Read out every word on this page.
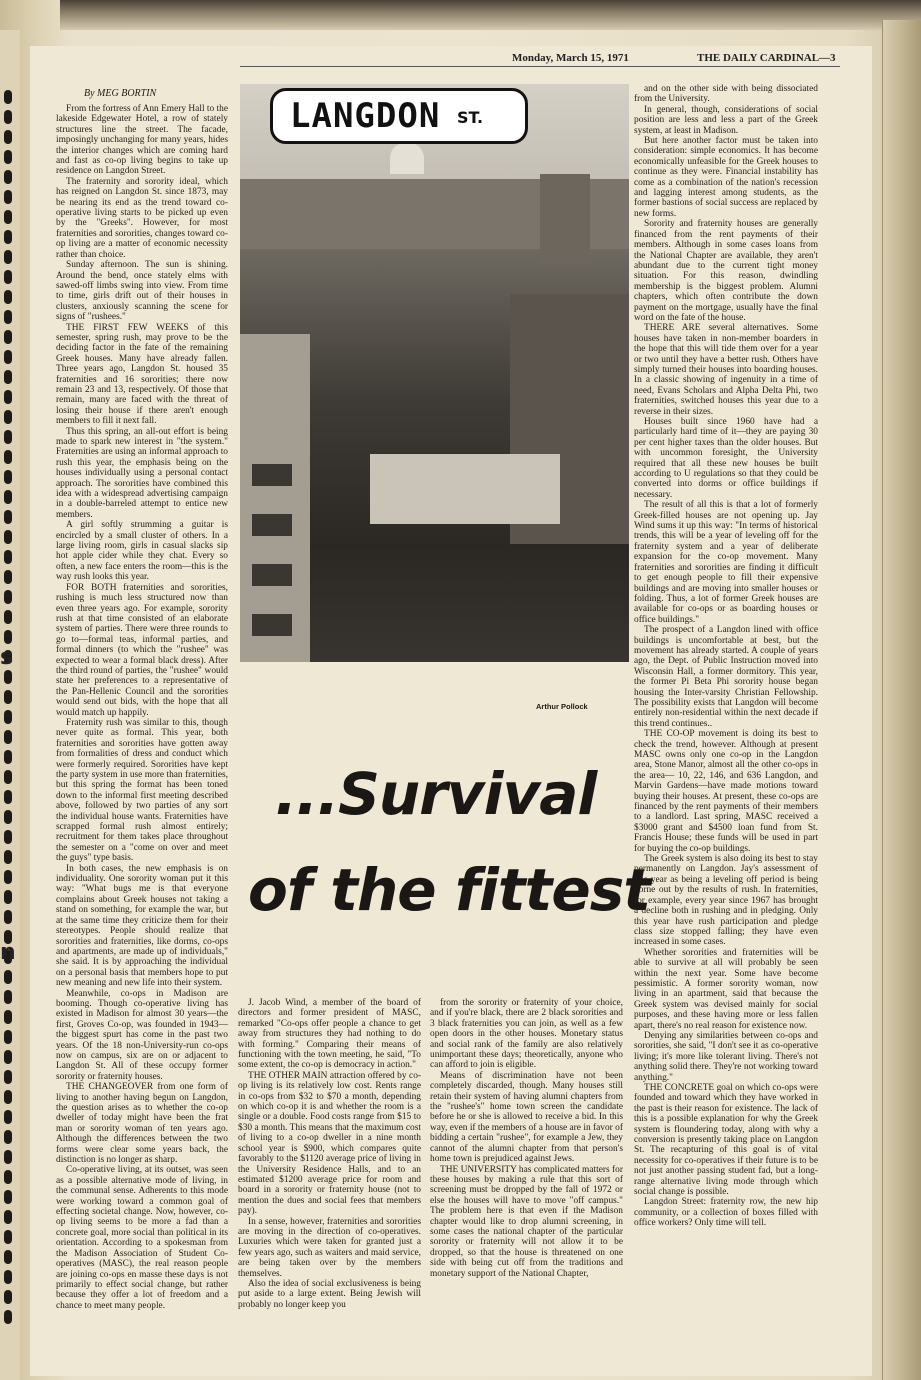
s
n
Monday, March 15, 1971	THE DAILY CARDINAL—3
By MEG BORTIN
LANGDON ST.
Arthur Pollock
...Survival
of the fittest

From the fortress of Ann Emery Hall to the lakeside Edgewater Hotel, a row of stately structures line the street. The facade, imposingly unchanging for many years, hides the interior changes which are coming hard and fast as co-op living begins to take up residence on Langdon Street.

The fraternity and sorority ideal, which has reigned on Langdon St. since 1873, may be nearing its end as the trend toward co-operative living starts to be picked up even by the "Greeks". However, for most fraternities and sororities, changes toward co-op living are a matter of economic necessity rather than choice.

Sunday afternoon. The sun is shining. Around the bend, once stately elms with sawed-off limbs swing into view. From time to time, girls drift out of their houses in clusters, anxiously scanning the scene for signs of "rushees."

THE FIRST FEW WEEKS of this semester, spring rush, may prove to be the deciding factor in the fate of the remaining Greek houses. Many have already fallen. Three years ago, Langdon St. housed 35 fraternities and 16 sororities; there now remain 23 and 13, respectively. Of those that remain, many are faced with the threat of losing their house if there aren't enough members to fill it next fall.

Thus this spring, an all-out effort is being made to spark new interest in "the system." Fraternities are using an informal approach to rush this year, the emphasis being on the houses individually using a personal contact approach. The sororities have combined this idea with a widespread advertising campaign in a double-barreled attempt to entice new members.

A girl softly strumming a guitar is encircled by a small cluster of others. In a large living room, girls in casual slacks sip hot apple cider while they chat. Every so often, a new face enters the room—this is the way rush looks this year.

FOR BOTH fraternities and sororities, rushing is much less structured now than even three years ago. For example, sorority rush at that time consisted of an elaborate system of parties. There were three rounds to go to—formal teas, informal parties, and formal dinners (to which the "rushee" was expected to wear a formal black dress). After the third round of parties, the "rushee" would state her preferences to a representative of the Pan-Hellenic Council and the sororities would send out bids, with the hope that all would match up happily.

Fraternity rush was similar to this, though never quite as formal. This year, both fraternities and sororities have gotten away from formalities of dress and conduct which were formerly required. Sororities have kept the party system in use more than fraternities, but this spring the format has been toned down to the informal first meeting described above, followed by two parties of any sort the individual house wants. Fraternities have scrapped formal rush almost entirely; recruitment for them takes place throughout the semester on a "come on over and meet the guys" type basis.

In both cases, the new emphasis is on individuality. One sorority woman put it this way: "What bugs me is that everyone complains about Greek houses not taking a stand on something, for example the war, but at the same time they criticize them for their stereotypes. People should realize that sororities and fraternities, like dorms, co-ops and apartments, are made up of individuals," she said. It is by approaching the individual on a personal basis that members hope to put new meaning and new life into their system.

Meanwhile, co-ops in Madison are booming. Though co-operative living has existed in Madison for almost 30 years—the first, Groves Co-op, was founded in 1943—the biggest spurt has come in the past two years. Of the 18 non-University-run co-ops now on campus, six are on or adjacent to Langdon St. All of these occupy former sorority or fraternity houses.

THE CHANGEOVER from one form of living to another having begun on Langdon, the question arises as to whether the co-op dweller of today might have been the frat man or sorority woman of ten years ago. Although the differences between the two forms were clear some years back, the distinction is no longer as sharp.

Co-operative living, at its outset, was seen as a possible alternative mode of living, in the communal sense. Adherents to this mode were working toward a common goal of effecting societal change. Now, however, co-op living seems to be more a fad than a concrete goal, more social than political in its orientation. According to a spokesman from the Madison Association of Student Co-operatives (MASC), the real reason people are joining co-ops en masse these days is not primarily to effect social change, but rather because they offer a lot of freedom and a chance to meet many people.

J. Jacob Wind, a member of the board of directors and former president of MASC, remarked "Co-ops offer people a chance to get away from structures they had nothing to do with forming." Comparing their means of functioning with the town meeting, he said, "To some extent, the co-op is democracy in action."

THE OTHER MAIN attraction offered by co-op living is its relatively low cost. Rents range in co-ops from $32 to $70 a month, depending on which co-op it is and whether the room is a single or a double. Food costs range from $15 to $30 a month. This means that the maximum cost of living to a co-op dweller in a nine month school year is $900, which compares quite favorably to the $1120 average price of living in the University Residence Halls, and to an estimated $1200 average price for room and board in a sorority or fraternity house (not to mention the dues and social fees that members pay).

In a sense, however, fraternities and sororities are moving in the direction of co-operatives. Luxuries which were taken for granted just a few years ago, such as waiters and maid service, are being taken over by the members themselves.

Also the idea of social exclusiveness is being put aside to a large extent. Being Jewish will probably no longer keep you

from the sorority or fraternity of your choice, and if you're black, there are 2 black sororities and 3 black fraternities you can join, as well as a few open doors in the other houses. Monetary status and social rank of the family are also relatively unimportant these days; theoretically, anyone who can afford to join is eligible.

Means of discrimination have not been completely discarded, though. Many houses still retain their system of having alumni chapters from the "rushee's" home town screen the candidate before he or she is allowed to receive a bid. In this way, even if the members of a house are in favor of bidding a certain "rushee", for example a Jew, they cannot of the alumni chapter from that person's home town is prejudiced against Jews.

THE UNIVERSITY has complicated matters for these houses by making a rule that this sort of screening must be dropped by the fall of 1972 or else the houses will have to move "off campus." The problem here is that even if the Madison chapter would like to drop alumni screening, in some cases the national chapter of the particular sorority or fraternity will not allow it to be dropped, so that the house is threatened on one side with being cut off from the traditions and monetary support of the National Chapter,

and on the other side with being dissociated from the University.

In general, though, considerations of social position are less and less a part of the Greek system, at least in Madison.

But here another factor must be taken into consideration: simple economics. It has become economically unfeasible for the Greek houses to continue as they were. Financial instability has come as a combination of the nation's recession and lagging interest among students, as the former bastions of social success are replaced by new forms.

Sorority and fraternity houses are generally financed from the rent payments of their members. Although in some cases loans from the National Chapter are available, they aren't abundant due to the current tight money situation. For this reason, dwindling membership is the biggest problem. Alumni chapters, which often contribute the down payment on the mortgage, usually have the final word on the fate of the house.

THERE ARE several alternatives. Some houses have taken in non-member boarders in the hope that this will tide them over for a year or two until they have a better rush. Others have simply turned their houses into boarding houses. In a classic showing of ingenuity in a time of need, Evans Scholars and Alpha Delta Phi, two fraternities, switched houses this year due to a reverse in their sizes.

Houses built since 1960 have had a particularly hard time of it—they are paying 30 per cent higher taxes than the older houses. But with uncommon foresight, the University required that all these new houses be built according to U regulations so that they could be converted into dorms or office buildings if necessary.

The result of all this is that a lot of formerly Greek-filled houses are not opening up. Jay Wind sums it up this way: "In terms of historical trends, this will be a year of leveling off for the fraternity system and a year of deliberate expansion for the co-op movement. Many fraternities and sororities are finding it difficult to get enough people to fill their expensive buildings and are moving into smaller houses or folding. Thus, a lot of former Greek houses are available for co-ops or as boarding houses or office buildings."

The prospect of a Langdon lined with office buildings is uncomfortable at best, but the movement has already started. A couple of years ago, the Dept. of Public Instruction moved into Wisconsin Hall, a former dormitory. This year, the former Pi Beta Phi sorority house began housing the Inter-varsity Christian Fellowship. The possibility exists that Langdon will become entirely non-residential within the next decade if this trend continues..

THE CO-OP movement is doing its best to check the trend, however. Although at present MASC owns only one co-op in the Langdon area, Stone Manor, almost all the other co-ops in the area— 10, 22, 146, and 636 Langdon, and Marvin Gardens—have made motions toward buying their houses. At present, these co-ops are financed by the rent payments of their members to a landlord. Last spring, MASC received a $3000 grant and $4500 loan fund from St. Francis House; these funds will be used in part for buying the co-op buildings.

The Greek system is also doing its best to stay permanently on Langdon. Jay's assessment of this year as being a leveling off period is being borne out by the results of rush. In fraternities, for example, every year since 1967 has brought a decline both in rushing and in pledging. Only this year have rush participation and pledge class size stopped falling; they have even increased in some cases.

Whether sororities and fraternities will be able to survive at all will probably be seen within the next year. Some have become pessimistic. A former sorority woman, now living in an apartment, said that because the Greek system was devised mainly for social purposes, and these having more or less fallen apart, there's no real reason for existence now.

Denying any similarities between co-ops and sororities, she said, "I don't see it as co-operative living; it's more like tolerant living. There's not anything solid there. They're not working toward anything."

THE CONCRETE goal on which co-ops were founded and toward which they have worked in the past is their reason for existence. The lack of this is a possible explanation for why the Greek system is floundering today, along with why a conversion is presently taking place on Langdon St. The recapturing of this goal is of vital necessity for co-operatives if their future is to be not just another passing student fad, but a long-range alternative living mode through which social change is possible.

Langdon Street: fraternity row, the new hip community, or a collection of boxes filled with office workers? Only time will tell.
